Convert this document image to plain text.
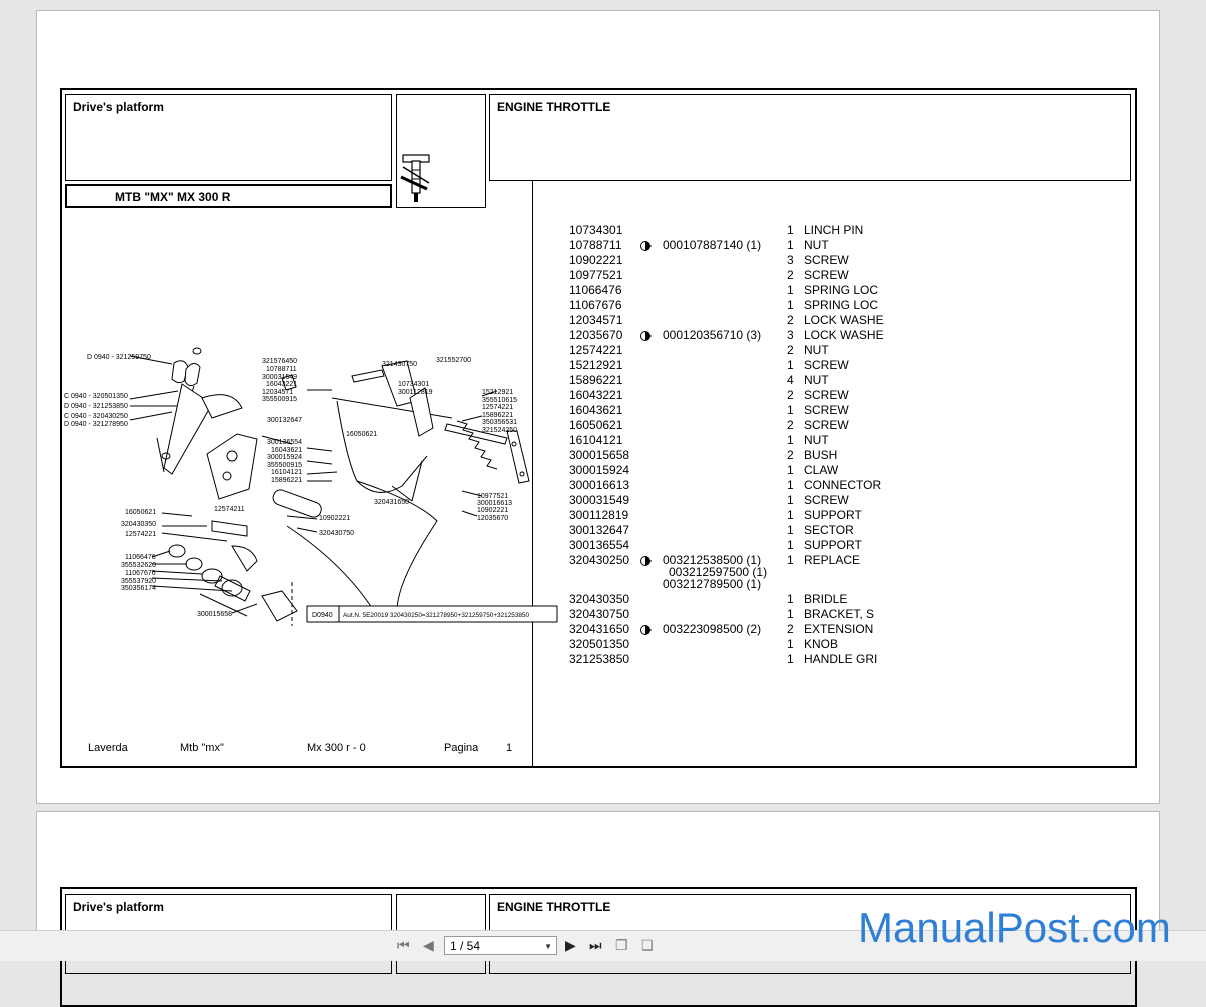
Drive's platform
MTB "MX" MX 300 R
ENGINE THROTTLE
D0940 Aut.N. 5E20019 320430250=321278950+321259750+321253850
D 0940 - 321259750
C 0940 - 320501350
D 0940 - 321253850
C 0940 - 320430250
D 0940 - 321278950
321576450
10788711
300031549
16043221
12034571
355500915
321430750
321552700
10734301
300112819	15212921
355510615
12574221
15896221
350356531
321524250
300132647
300136554
16043621
300015924
355500915
16104121
15896221
16050621
10977521
300016613
10902221
12035670
320431650
12574211
10902221
320430750
16050621
320430350
12574221
11066476
355532620
11067676
355537920
350356174
300015658
Laverda	Mtb "mx"	Mx 300 r - 0	Pagina	1
10734301	1 LINCH PIN
10788711	000107887140 (1) 1 NUT
10902221	3 SCREW
10977521	2 SCREW
11066476	1 SPRING LOC
11067676	1 SPRING LOC
12034571	2 LOCK WASHE
12035670	000120356710 (3) 3 LOCK WASHE
12574221	2 NUT
15212921	1 SCREW
15896221	4 NUT
16043221	2 SCREW
16043621	1 SCREW
16050621	2 SCREW
16104121	1 NUT
300015658	2 BUSH
300015924	1 CLAW
300016613	1 CONNECTOR
300031549	1 SCREW
300112819	1 SUPPORT
300132647	1 SECTOR
300136554	1 SUPPORT
320430250	003212538500 (1) 1 REPLACE
003212597500 (1)
003212789500 (1)
320430350	1 BRIDLE
320430750	1 BRACKET, S
320431650	003223098500 (2) 2 EXTENSION
320501350	1 KNOB
321253850	1 HANDLE GRI
Drive's platform	ENGINE THROTTLE
⏮ ◀	1 / 54	▼ ▶ ⏭ ❐ ❏	ManualPost.com
